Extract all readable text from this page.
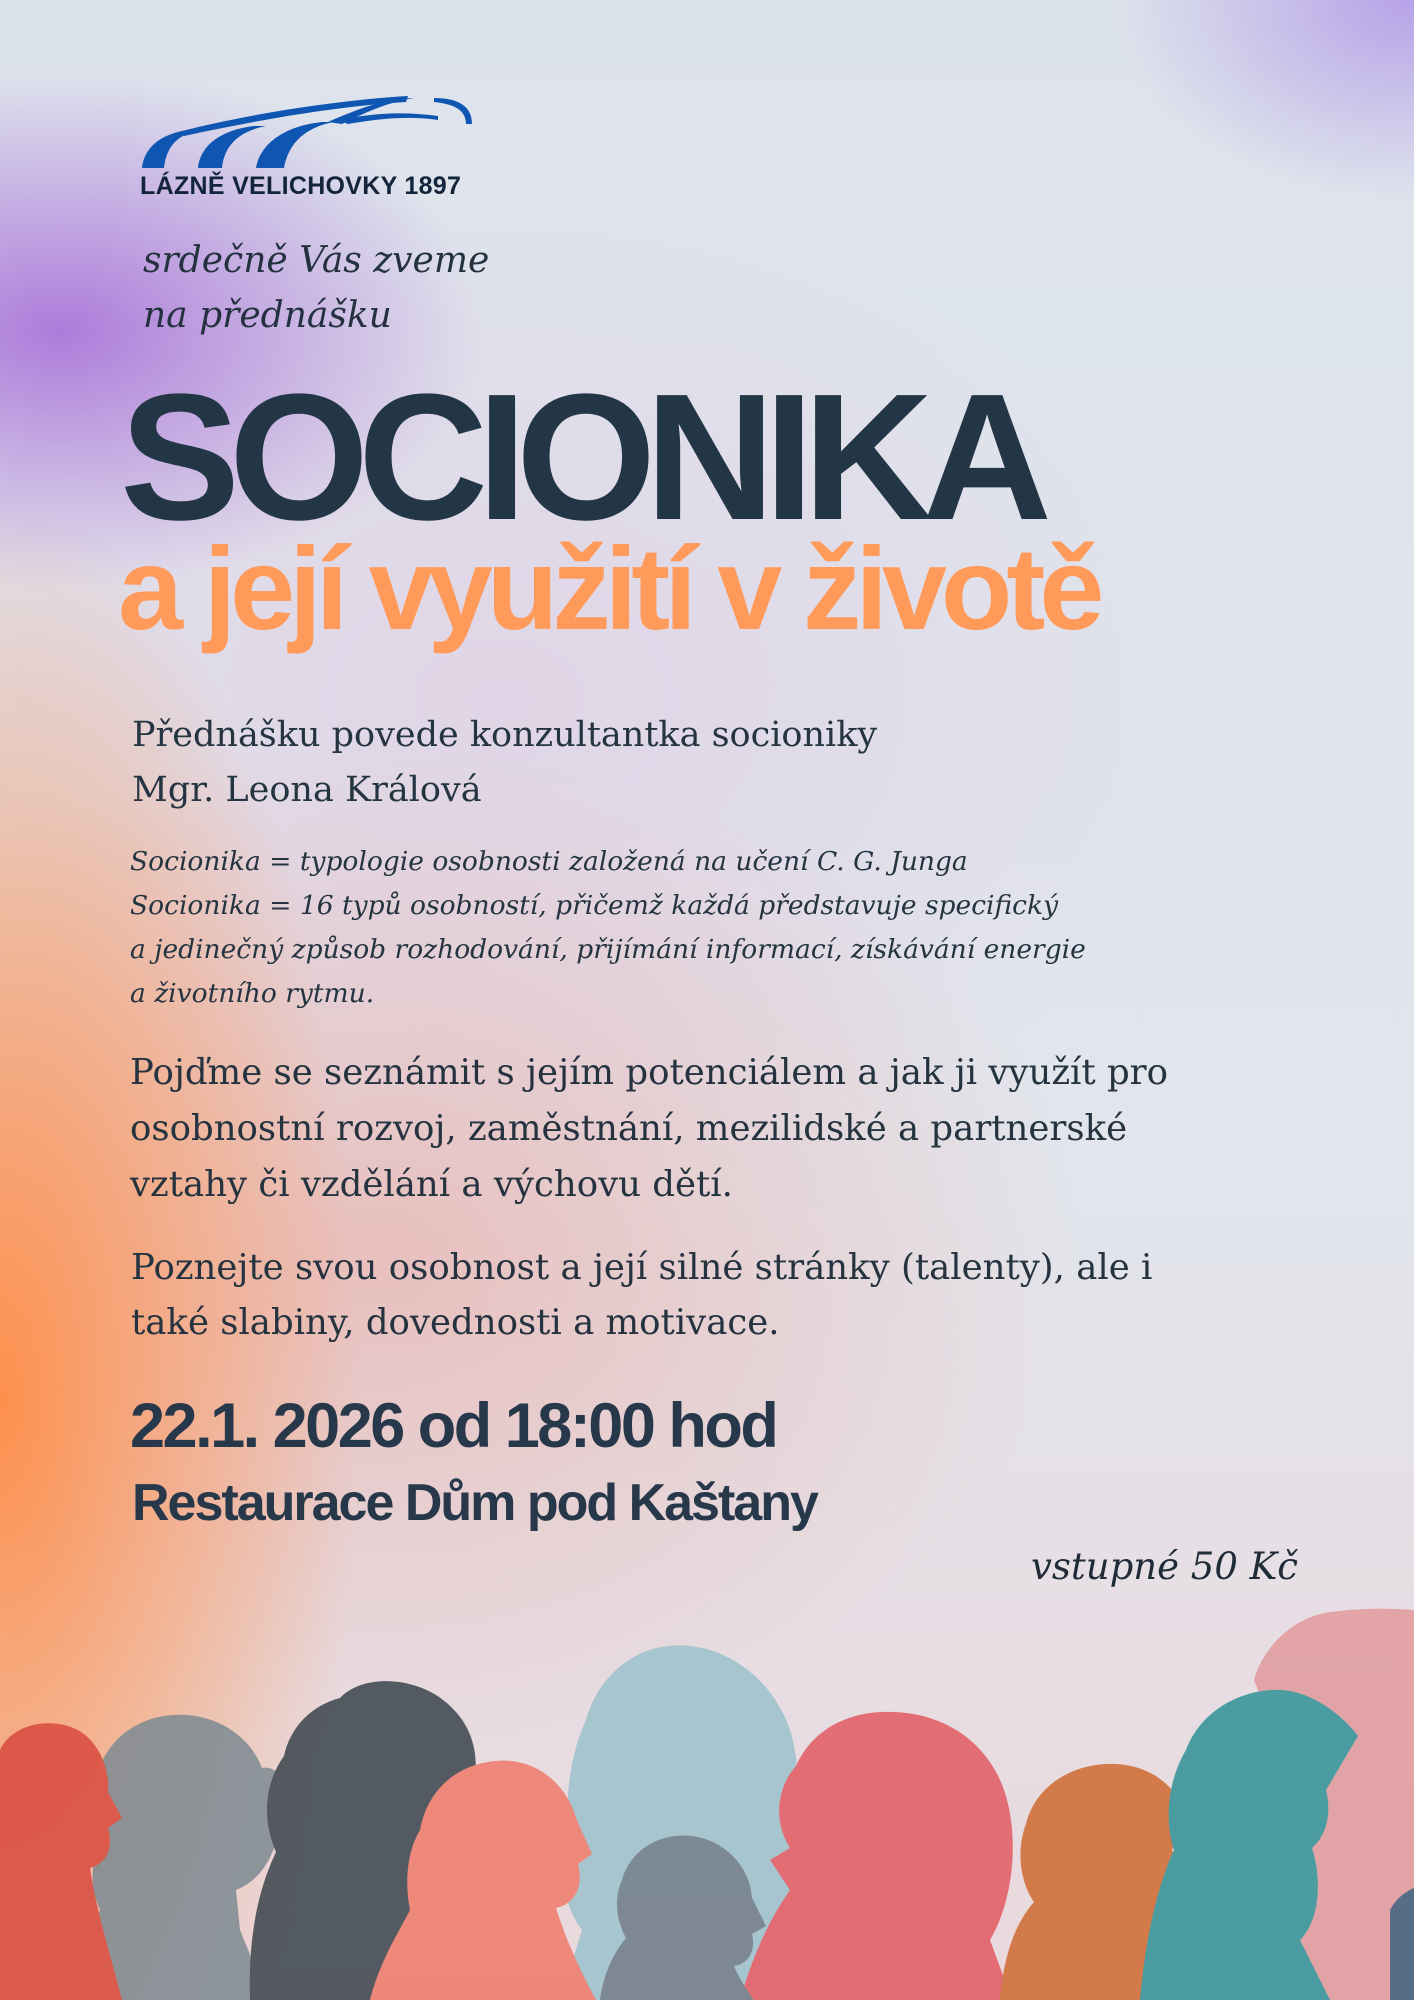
LÁZNĚ VELICHOVKY 1897
srdečně Vás zveme
na přednášku
SOCIONIKA
a její využití v životě
Přednášku povede konzultantka socioniky
Mgr. Leona Králová
Socionika = typologie osobnosti založená na učení C. G. Junga
Socionika = 16 typů osobností, přičemž každá představuje specifický
a jedinečný způsob rozhodování, přijímání informací, získávání energie
a životního rytmu.
Pojďme se seznámit s jejím potenciálem a jak ji využít pro
osobnostní rozvoj, zaměstnání, mezilidské a partnerské
vztahy či vzdělání a výchovu dětí.
Poznejte svou osobnost a její silné stránky (talenty), ale i
také slabiny, dovednosti a motivace.
22.1. 2026 od 18:00 hod
Restaurace Dům pod Kaštany
vstupné 50 Kč
